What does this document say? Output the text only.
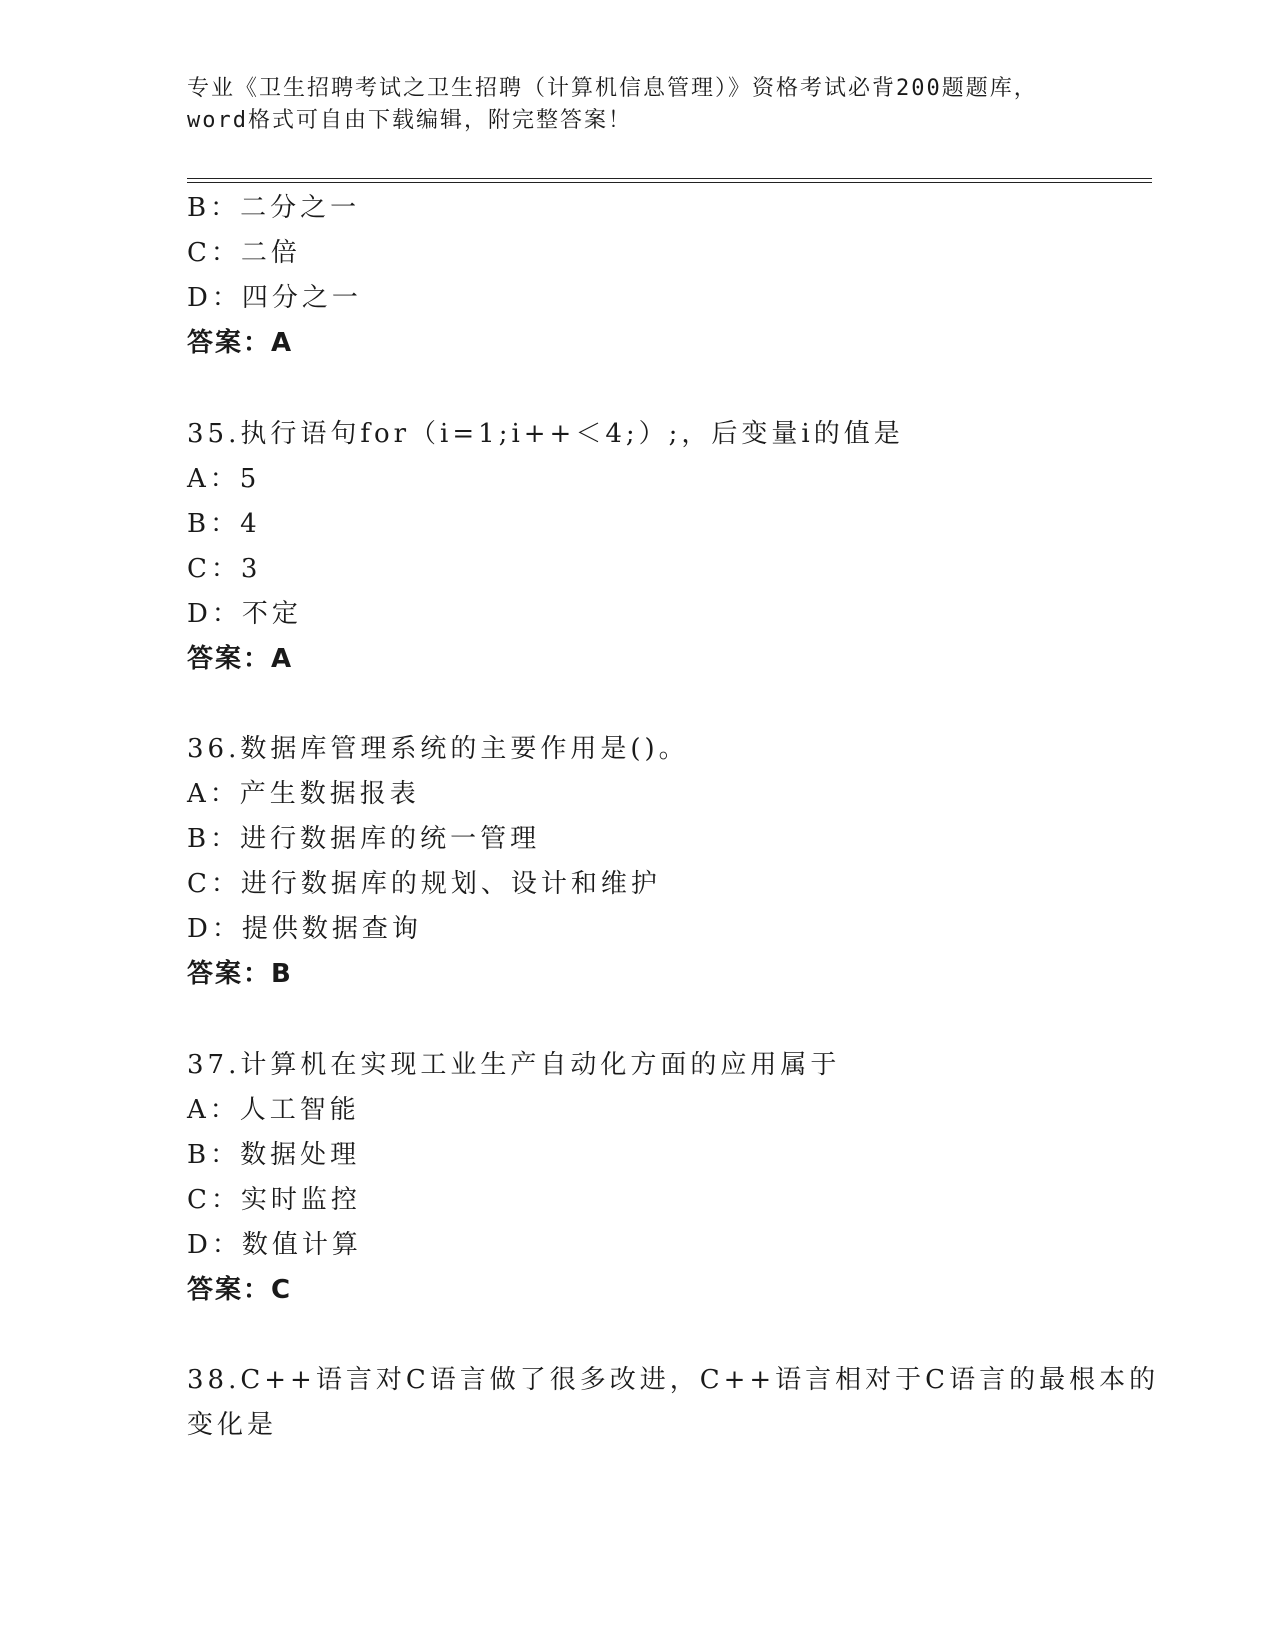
专业《卫生招聘考试之卫生招聘（计算机信息管理）》资格考试必背200题题库，
word格式可自由下载编辑，附完整答案！
B：二分之一
C：二倍
D：四分之一
答案：A
35.执行语句for（i=1;i++＜4;）;，后变量i的值是
A：5
B：4
C：3
D：不定
答案：A
36.数据库管理系统的主要作用是()。
A：产生数据报表
B：进行数据库的统一管理
C：进行数据库的规划、设计和维护
D：提供数据查询
答案：B
37.计算机在实现工业生产自动化方面的应用属于
A：人工智能
B：数据处理
C：实时监控
D：数值计算
答案：C
38.C++语言对C语言做了很多改进，C++语言相对于C语言的最根本的
变化是
